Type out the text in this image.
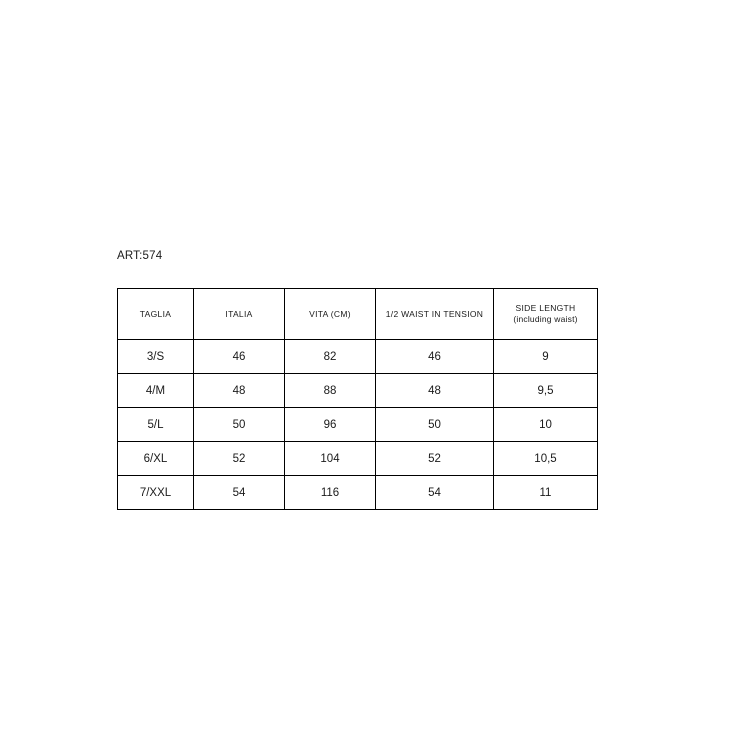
ART:574
TAGLIA	ITALIA	VITA (CM)	1/2 WAIST IN TENSION	SIDE LENGTH
(including waist)

3/S	46	82	46	9
4/M	48	88	48	9,5
5/L	50	96	50	10
6/XL	52	104	52	10,5
7/XXL	54	116	54	11
